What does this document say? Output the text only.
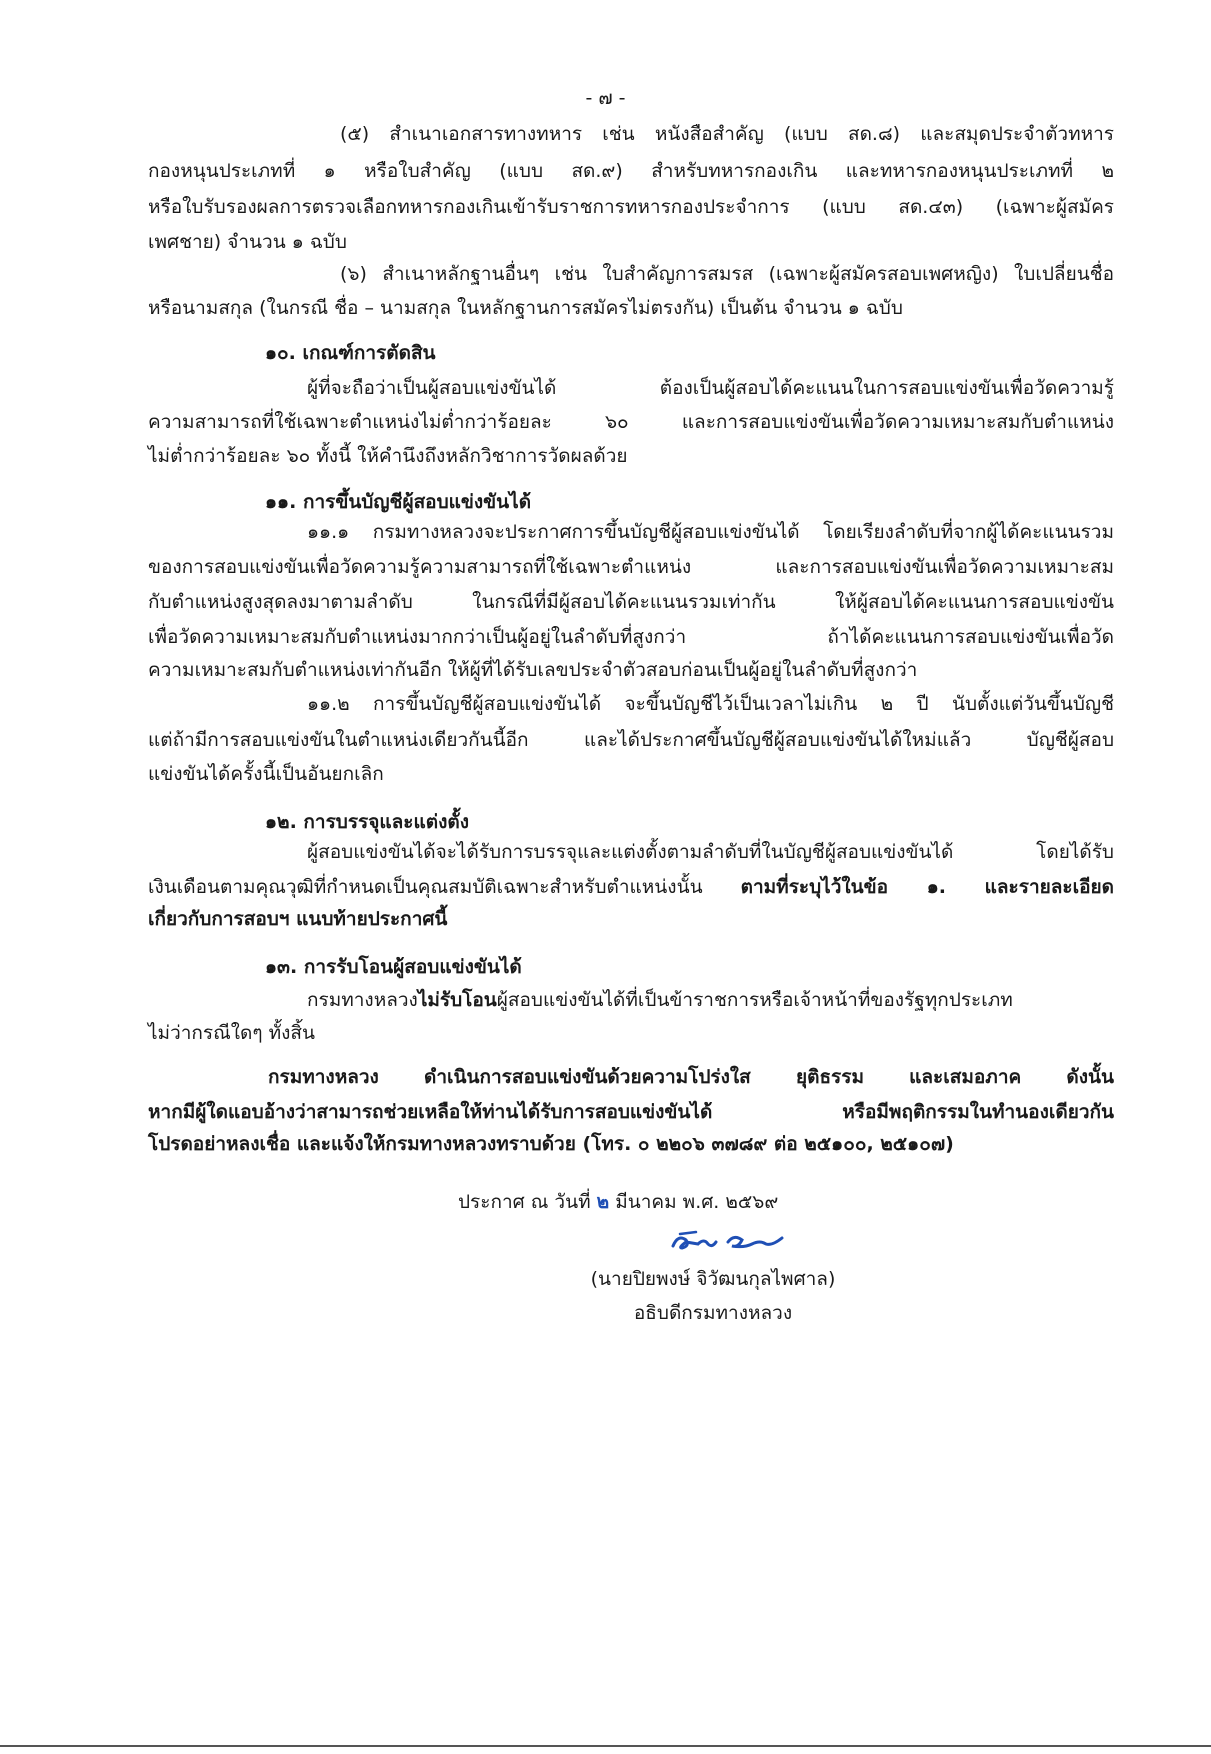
- ๗ -
(๕) สำเนาเอกสารทางทหาร เช่น หนังสือสำคัญ (แบบ สด.๘) และสมุดประจำตัวทหาร
กองหนุนประเภทที่ ๑ หรือใบสำคัญ (แบบ สด.๙) สำหรับทหารกองเกิน และทหารกองหนุนประเภทที่ ๒
หรือใบรับรองผลการตรวจเลือกทหารกองเกินเข้ารับราชการทหารกองประจำการ (แบบ สด.๔๓) (เฉพาะผู้สมัคร
เพศชาย) จำนวน ๑ ฉบับ
(๖) สำเนาหลักฐานอื่นๆ เช่น ใบสำคัญการสมรส (เฉพาะผู้สมัครสอบเพศหญิง) ใบเปลี่ยนชื่อ
หรือนามสกุล (ในกรณี ชื่อ – นามสกุล ในหลักฐานการสมัครไม่ตรงกัน) เป็นต้น จำนวน ๑ ฉบับ
๑๐. เกณฑ์การตัดสิน
ผู้ที่จะถือว่าเป็นผู้สอบแข่งขันได้ ต้องเป็นผู้สอบได้คะแนนในการสอบแข่งขันเพื่อวัดความรู้
ความสามารถที่ใช้เฉพาะตำแหน่งไม่ต่ำกว่าร้อยละ ๖๐ และการสอบแข่งขันเพื่อวัดความเหมาะสมกับตำแหน่ง
ไม่ต่ำกว่าร้อยละ ๖๐ ทั้งนี้ ให้คำนึงถึงหลักวิชาการวัดผลด้วย
๑๑. การขึ้นบัญชีผู้สอบแข่งขันได้
๑๑.๑ กรมทางหลวงจะประกาศการขึ้นบัญชีผู้สอบแข่งขันได้ โดยเรียงลำดับที่จากผู้ได้คะแนนรวม
ของการสอบแข่งขันเพื่อวัดความรู้ความสามารถที่ใช้เฉพาะตำแหน่ง และการสอบแข่งขันเพื่อวัดความเหมาะสม
กับตำแหน่งสูงสุดลงมาตามลำดับ ในกรณีที่มีผู้สอบได้คะแนนรวมเท่ากัน ให้ผู้สอบได้คะแนนการสอบแข่งขัน
เพื่อวัดความเหมาะสมกับตำแหน่งมากกว่าเป็นผู้อยู่ในลำดับที่สูงกว่า ถ้าได้คะแนนการสอบแข่งขันเพื่อวัด
ความเหมาะสมกับตำแหน่งเท่ากันอีก ให้ผู้ที่ได้รับเลขประจำตัวสอบก่อนเป็นผู้อยู่ในลำดับที่สูงกว่า
๑๑.๒ การขึ้นบัญชีผู้สอบแข่งขันได้ จะขึ้นบัญชีไว้เป็นเวลาไม่เกิน ๒ ปี นับตั้งแต่วันขึ้นบัญชี
แต่ถ้ามีการสอบแข่งขันในตำแหน่งเดียวกันนี้อีก และได้ประกาศขึ้นบัญชีผู้สอบแข่งขันได้ใหม่แล้ว บัญชีผู้สอบ
แข่งขันได้ครั้งนี้เป็นอันยกเลิก
๑๒. การบรรจุและแต่งตั้ง
ผู้สอบแข่งขันได้จะได้รับการบรรจุและแต่งตั้งตามลำดับที่ในบัญชีผู้สอบแข่งขันได้ โดยได้รับ
เงินเดือนตามคุณวุฒิที่กำหนดเป็นคุณสมบัติเฉพาะสำหรับตำแหน่งนั้น ตามที่ระบุไว้ในข้อ ๑. และรายละเอียด
เกี่ยวกับการสอบฯ แนบท้ายประกาศนี้
๑๓. การรับโอนผู้สอบแข่งขันได้
กรมทางหลวงไม่รับโอนผู้สอบแข่งขันได้ที่เป็นข้าราชการหรือเจ้าหน้าที่ของรัฐทุกประเภท
ไม่ว่ากรณีใดๆ ทั้งสิ้น
กรมทางหลวง ดำเนินการสอบแข่งขันด้วยความโปร่งใส ยุติธรรม และเสมอภาค ดังนั้น
หากมีผู้ใดแอบอ้างว่าสามารถช่วยเหลือให้ท่านได้รับการสอบแข่งขันได้ หรือมีพฤติกรรมในทำนองเดียวกัน
โปรดอย่าหลงเชื่อ และแจ้งให้กรมทางหลวงทราบด้วย (โทร. ๐ ๒๒๐๖ ๓๗๘๙ ต่อ ๒๕๑๐๐, ๒๕๑๐๗)
ประกาศ ณ วันที่ ๒ มีนาคม พ.ศ. ๒๕๖๙
(นายปิยพงษ์ จิวัฒนกุลไพศาล)
อธิบดีกรมทางหลวง
